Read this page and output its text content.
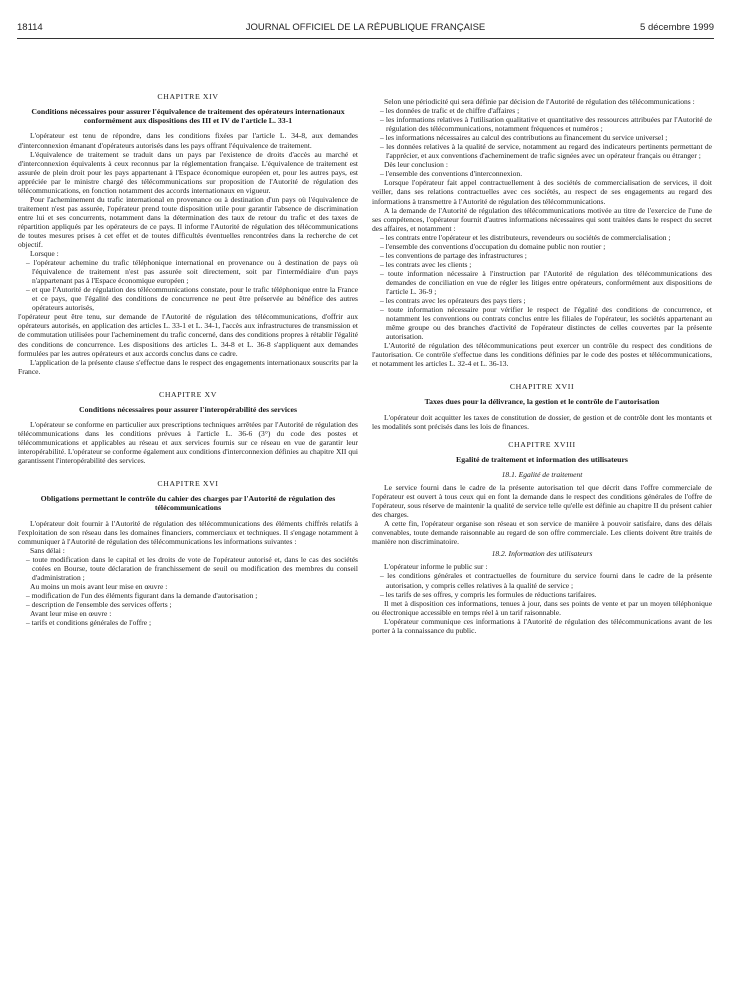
18114	JOURNAL OFFICIEL DE LA RÉPUBLIQUE FRANÇAISE	5 décembre 1999

CHAPITRE XIV

Conditions nécessaires pour assurer l'équivalence de traitement des opérateurs internationaux conformément aux dispositions des III et IV de l'article L. 33-1

L'opérateur est tenu de répondre, dans les conditions fixées par l'article L. 34-8, aux demandes d'interconnexion émanant d'opérateurs autorisés dans les pays offrant l'équivalence de traitement.

L'équivalence de traitement se traduit dans un pays par l'existence de droits d'accès au marché et d'interconnexion équivalents à ceux reconnus par la réglementation française. L'équivalence de traitement est assurée de plein droit pour les pays appartenant à l'Espace économique européen et, pour les autres pays, est appréciée par le ministre chargé des télécommunications sur proposition de l'Autorité de régulation des télécommunications, en fonction notamment des accords internationaux en vigueur.

Pour l'acheminement du trafic international en provenance ou à destination d'un pays où l'équivalence de traitement n'est pas assurée, l'opérateur prend toute disposition utile pour garantir l'absence de discrimination entre lui et ses concurrents, notamment dans la détermination des taux de retour du trafic et des taxes de répartition appliqués par les opérateurs de ce pays. Il informe l'Autorité de régulation des télécommunications de toutes mesures prises à cet effet et de toutes difficultés éventuelles rencontrées dans la recherche de cet objectif.

Lorsque :

– l'opérateur achemine du trafic téléphonique international en provenance ou à destination de pays où l'équivalence de traitement n'est pas assurée soit directement, soit par l'intermédiaire d'un pays n'appartenant pas à l'Espace économique européen ;

– et que l'Autorité de régulation des télécommunications constate, pour le trafic téléphonique entre la France et ce pays, que l'égalité des conditions de concurrence ne peut être préservée au bénéfice des autres opérateurs autorisés,

l'opérateur peut être tenu, sur demande de l'Autorité de régulation des télécommunications, d'offrir aux opérateurs autorisés, en application des articles L. 33-1 et L. 34-1, l'accès aux infrastructures de transmission et de commutation utilisées pour l'acheminement du trafic concerné, dans des conditions propres à rétablir l'égalité des conditions de concurrence. Les dispositions des articles L. 34-8 et L. 36-8 s'appliquent aux demandes formulées par les autres opérateurs et aux accords conclus dans ce cadre.

L'application de la présente clause s'effectue dans le respect des engagements internationaux souscrits par la France.

CHAPITRE XV

Conditions nécessaires pour assurer l'interopérabilité des services

L'opérateur se conforme en particulier aux prescriptions techniques arrêtées par l'Autorité de régulation des télécommunications dans les conditions prévues à l'article L. 36-6 (3°) du code des postes et télécommunications et applicables au réseau et aux services fournis sur ce réseau en vue de garantir leur interopérabilité. L'opérateur se conforme également aux conditions d'interconnexion définies au chapitre XII qui garantissent l'interopérabilité des services.

CHAPITRE XVI

Obligations permettant le contrôle du cahier des charges par l'Autorité de régulation des télécommunications

L'opérateur doit fournir à l'Autorité de régulation des télécommunications des éléments chiffrés relatifs à l'exploitation de son réseau dans les domaines financiers, commerciaux et techniques. Il s'engage notamment à communiquer à l'Autorité de régulation des télécommunications les informations suivantes :

Sans délai :

– toute modification dans le capital et les droits de vote de l'opérateur autorisé et, dans le cas des sociétés cotées en Bourse, toute déclaration de franchissement de seuil ou modification des membres du conseil d'administration ;

Au moins un mois avant leur mise en œuvre :

– modification de l'un des éléments figurant dans la demande d'autorisation ;

– description de l'ensemble des services offerts ;

Avant leur mise en œuvre :

– tarifs et conditions générales de l'offre ;

Selon une périodicité qui sera définie par décision de l'Autorité de régulation des télécommunications :

– les données de trafic et de chiffre d'affaires ;

– les informations relatives à l'utilisation qualitative et quantitative des ressources attribuées par l'Autorité de régulation des télécommunications, notamment fréquences et numéros ;

– les informations nécessaires au calcul des contributions au financement du service universel ;

– les données relatives à la qualité de service, notamment au regard des indicateurs pertinents permettant de l'apprécier, et aux conventions d'acheminement de trafic signées avec un opérateur français ou étranger ;

Dès leur conclusion :

– l'ensemble des conventions d'interconnexion.

Lorsque l'opérateur fait appel contractuellement à des sociétés de commercialisation de services, il doit veiller, dans ses relations contractuelles avec ces sociétés, au respect de ses engagements au regard des informations à transmettre à l'Autorité de régulation des télécommunications.

A la demande de l'Autorité de régulation des télécommunications motivée au titre de l'exercice de l'une de ses compétences, l'opérateur fournit d'autres informations nécessaires qui sont traitées dans le respect du secret des affaires, et notamment :

– les contrats entre l'opérateur et les distributeurs, revendeurs ou sociétés de commercialisation ;

– l'ensemble des conventions d'occupation du domaine public non routier ;

– les conventions de partage des infrastructures ;

– les contrats avec les clients ;

– toute information nécessaire à l'instruction par l'Autorité de régulation des télécommunications des demandes de conciliation en vue de régler les litiges entre opérateurs, conformément aux dispositions de l'article L. 36-9 ;

– les contrats avec les opérateurs des pays tiers ;

– toute information nécessaire pour vérifier le respect de l'égalité des conditions de concurrence, et notamment les conventions ou contrats conclus entre les filiales de l'opérateur, les sociétés appartenant au même groupe ou des branches d'activité de l'opérateur distinctes de celles couvertes par la présente autorisation.

L'Autorité de régulation des télécommunications peut exercer un contrôle du respect des conditions de l'autorisation. Ce contrôle s'effectue dans les conditions définies par le code des postes et télécommunications, et notamment les articles L. 32-4 et L. 36-13.

CHAPITRE XVII

Taxes dues pour la délivrance, la gestion et le contrôle de l'autorisation

L'opérateur doit acquitter les taxes de constitution de dossier, de gestion et de contrôle dont les montants et les modalités sont précisés dans les lois de finances.

CHAPITRE XVIII

Egalité de traitement et information des utilisateurs

18.1. Egalité de traitement

Le service fourni dans le cadre de la présente autorisation tel que décrit dans l'offre commerciale de l'opérateur est ouvert à tous ceux qui en font la demande dans le respect des conditions générales de l'offre de l'opérateur, sous réserve de maintenir la qualité de service telle qu'elle est définie au chapitre II du présent cahier des charges.

A cette fin, l'opérateur organise son réseau et son service de manière à pouvoir satisfaire, dans des délais convenables, toute demande raisonnable au regard de son offre commerciale. Les clients doivent être traités de manière non discriminatoire.

18.2. Information des utilisateurs

L'opérateur informe le public sur :

– les conditions générales et contractuelles de fourniture du service fourni dans le cadre de la présente autorisation, y compris celles relatives à la qualité de service ;

– les tarifs de ses offres, y compris les formules de réductions tarifaires.

Il met à disposition ces informations, tenues à jour, dans ses points de vente et par un moyen téléphonique ou électronique accessible en temps réel à un tarif raisonnable.

L'opérateur communique ces informations à l'Autorité de régulation des télécommunications avant de les porter à la connaissance du public.
